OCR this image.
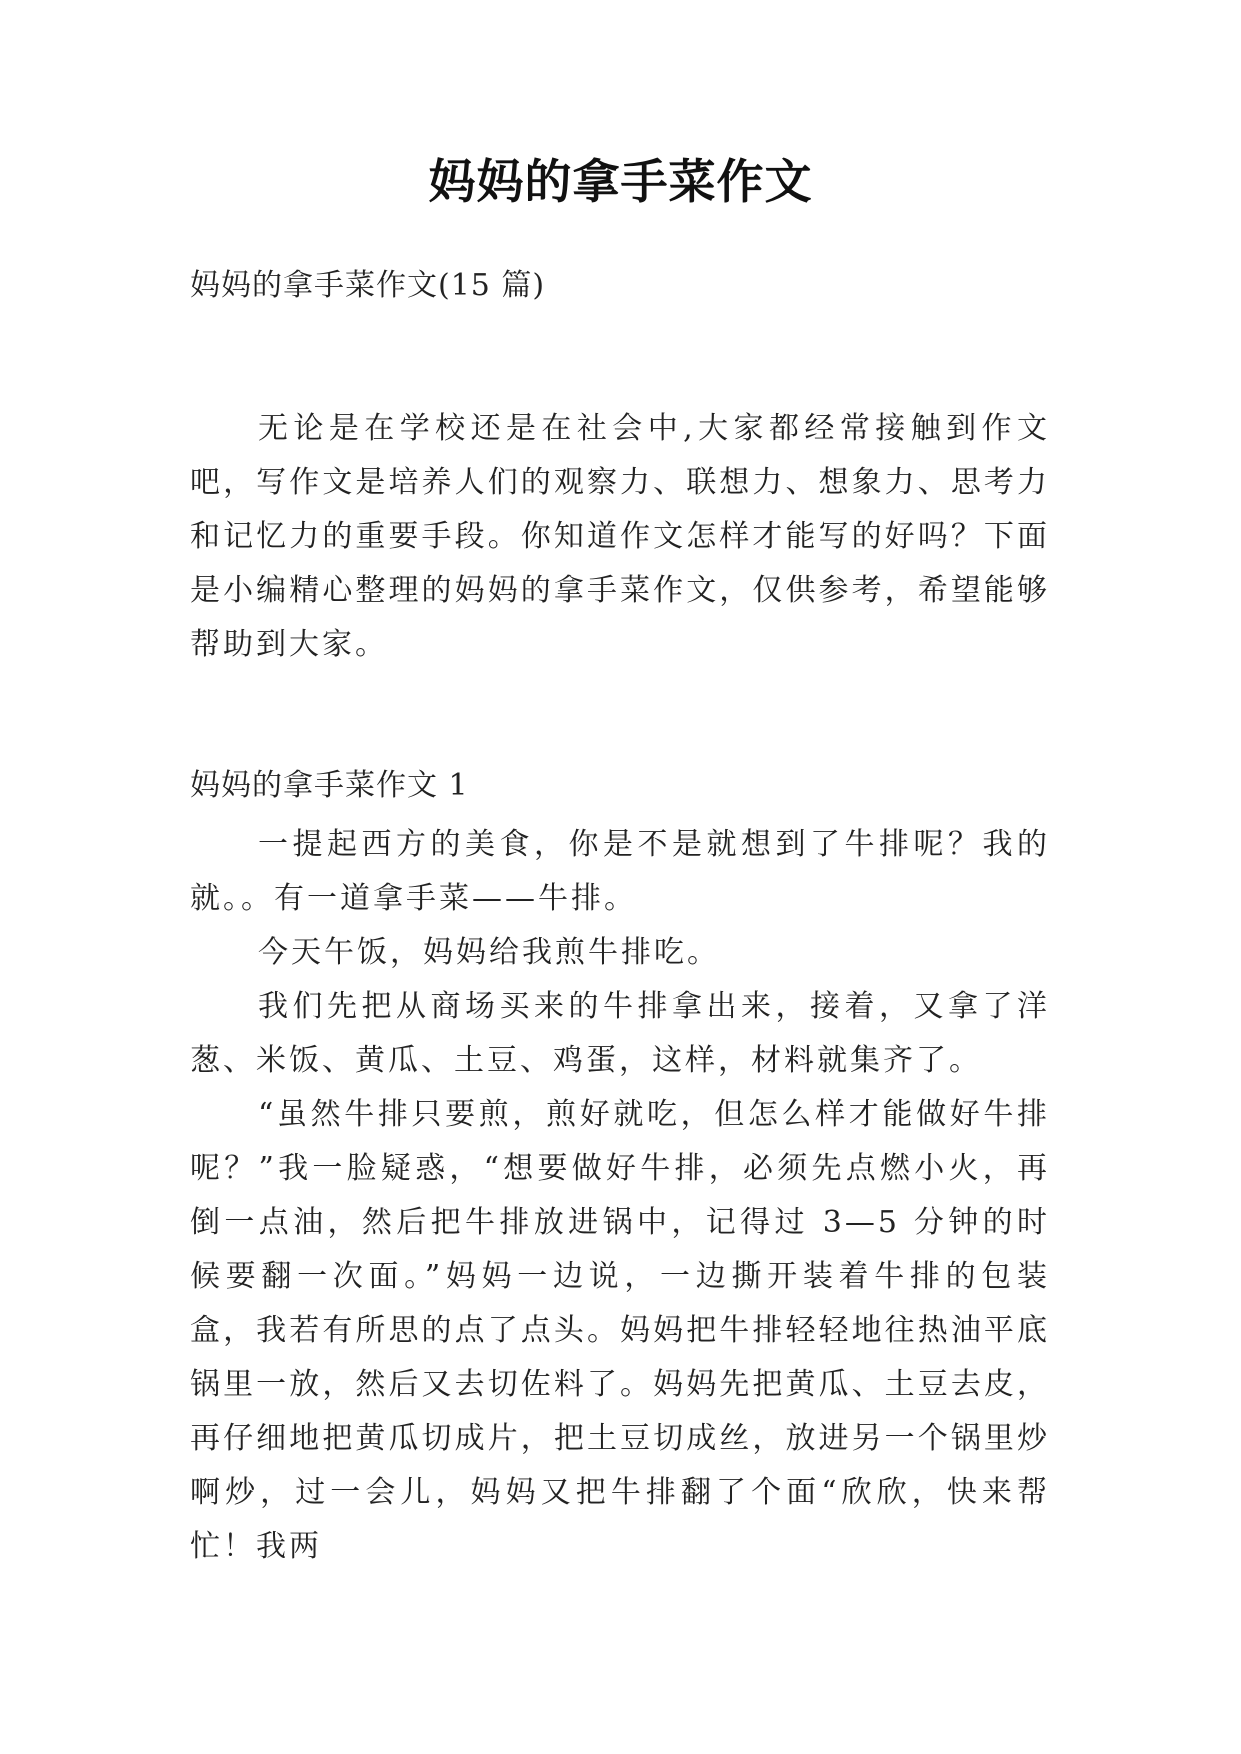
妈妈的拿手菜作文

妈妈的拿手菜作文(15 篇)

无论是在学校还是在社会中,大家都经常接触到作文吧，写作文是培养人们的观察力、联想力、想象力、思考力和记忆力的重要手段。你知道作文怎样才能写的好吗？下面是小编精心整理的妈妈的拿手菜作文，仅供参考，希望能够帮助到大家。

妈妈的拿手菜作文 1

一提起西方的美食，你是不是就想到了牛排呢？我的就。。有一道拿手菜——牛排。

今天午饭，妈妈给我煎牛排吃。

我们先把从商场买来的牛排拿出来，接着，又拿了洋葱、米饭、黄瓜、土豆、鸡蛋，这样，材料就集齐了。

“虽然牛排只要煎，煎好就吃，但怎么样才能做好牛排呢？”我一脸疑惑，“想要做好牛排，必须先点燃小火，再倒一点油，然后把牛排放进锅中，记得过 3—5 分钟的时候要翻一次面。”妈妈一边说，一边撕开装着牛排的包装盒，我若有所思的点了点头。妈妈把牛排轻轻地往热油平底锅里一放，然后又去切佐料了。妈妈先把黄瓜、土豆去皮，再仔细地把黄瓜切成片，把土豆切成丝，放进另一个锅里炒啊炒，过一会儿，妈妈又把牛排翻了个面“欣欣，快来帮忙！我两
